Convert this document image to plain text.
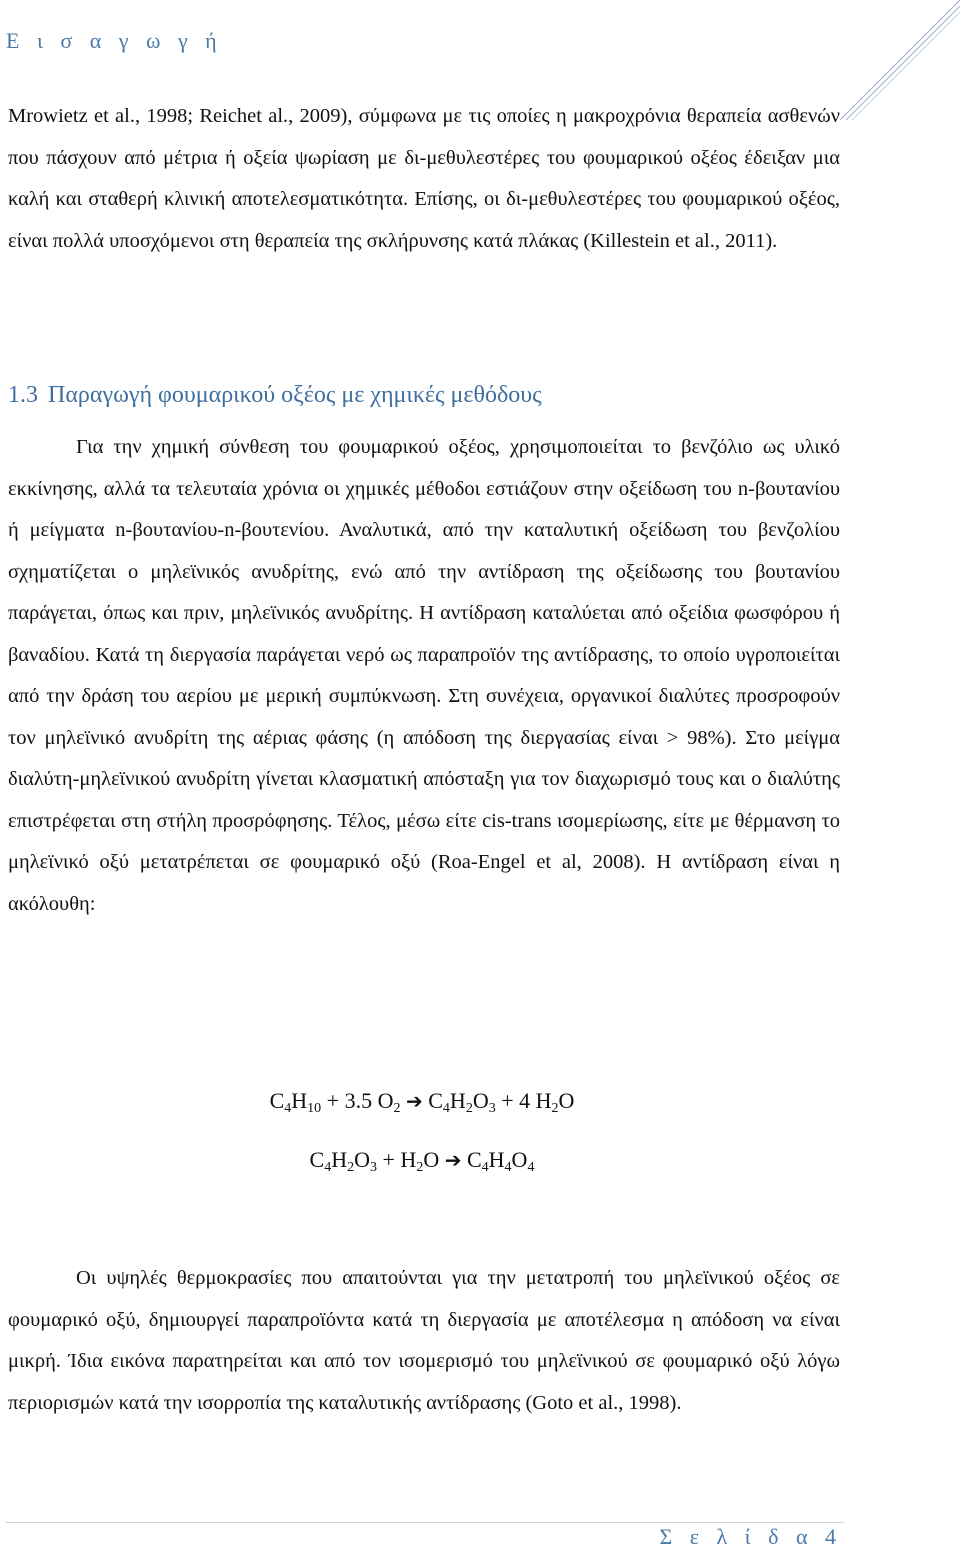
Ε ι σ α γ ω γ ή

Mrowietz et al., 1998; Reichet al., 2009), σύμφωνα με τις οποίες η μακροχρόνια θεραπεία ασθενών που πάσχουν από μέτρια ή οξεία ψωρίαση με δι-μεθυλεστέρες του φουμαρικού οξέος έδειξαν μια καλή και σταθερή κλινική αποτελεσματικότητα. Επίσης, οι δι-μεθυλεστέρες του φουμαρικού οξέος, είναι πολλά υποσχόμενοι στη θεραπεία της σκλήρυνσης κατά πλάκας (Killestein et al., 2011).

1.3 Παραγωγή φουμαρικού οξέος με χημικές μεθόδους

Για την χημική σύνθεση του φουμαρικού οξέος, χρησιμοποιείται το βενζόλιο ως υλικό εκκίνησης, αλλά τα τελευταία χρόνια οι χημικές μέθοδοι εστιάζουν στην οξείδωση του n-βουτανίου ή μείγματα n-βουτανίου-n-βουτενίου. Αναλυτικά, από την καταλυτική οξείδωση του βενζολίου σχηματίζεται ο μηλεϊνικός ανυδρίτης, ενώ από την αντίδραση της οξείδωσης του βουτανίου παράγεται, όπως και πριν, μηλεϊνικός ανυδρίτης. Η αντίδραση καταλύεται από οξείδια φωσφόρου ή βαναδίου. Κατά τη διεργασία παράγεται νερό ως παραπροϊόν της αντίδρασης, το οποίο υγροποιείται από την δράση του αερίου με μερική συμπύκνωση. Στη συνέχεια, οργανικοί διαλύτες προσροφούν τον μηλεϊνικό ανυδρίτη της αέριας φάσης (η απόδοση της διεργασίας είναι > 98%). Στο μείγμα διαλύτη-μηλεϊνικού ανυδρίτη γίνεται κλασματική απόσταξη για τον διαχωρισμό τους και ο διαλύτης επιστρέφεται στη στήλη προσρόφησης. Τέλος, μέσω είτε cis-trans ισομερίωσης, είτε με θέρμανση το μηλεϊνικό οξύ μετατρέπεται σε φουμαρικό οξύ (Roa-Engel et al, 2008). Η αντίδραση είναι η ακόλουθη:

$C_4H_{10} + 3.5$ $O_2$ ➔ $C_4H_2O_3 + 4$ $H_2O$
$C_4H_2O_3 + H_2O$ ➔ $C_4H_4O_4$

Οι υψηλές θερμοκρασίες που απαιτούνται για την μετατροπή του μηλεϊνικού οξέος σε φουμαρικό οξύ, δημιουργεί παραπροϊόντα κατά τη διεργασία με αποτέλεσμα η απόδοση να είναι μικρή. Ίδια εικόνα παρατηρείται και από τον ισομερισμό του μηλεϊνικού σε φουμαρικό οξύ λόγω περιορισμών κατά την ισορροπία της καταλυτικής αντίδρασης (Goto et al., 1998).

Σ ε λ ί δ α 4
